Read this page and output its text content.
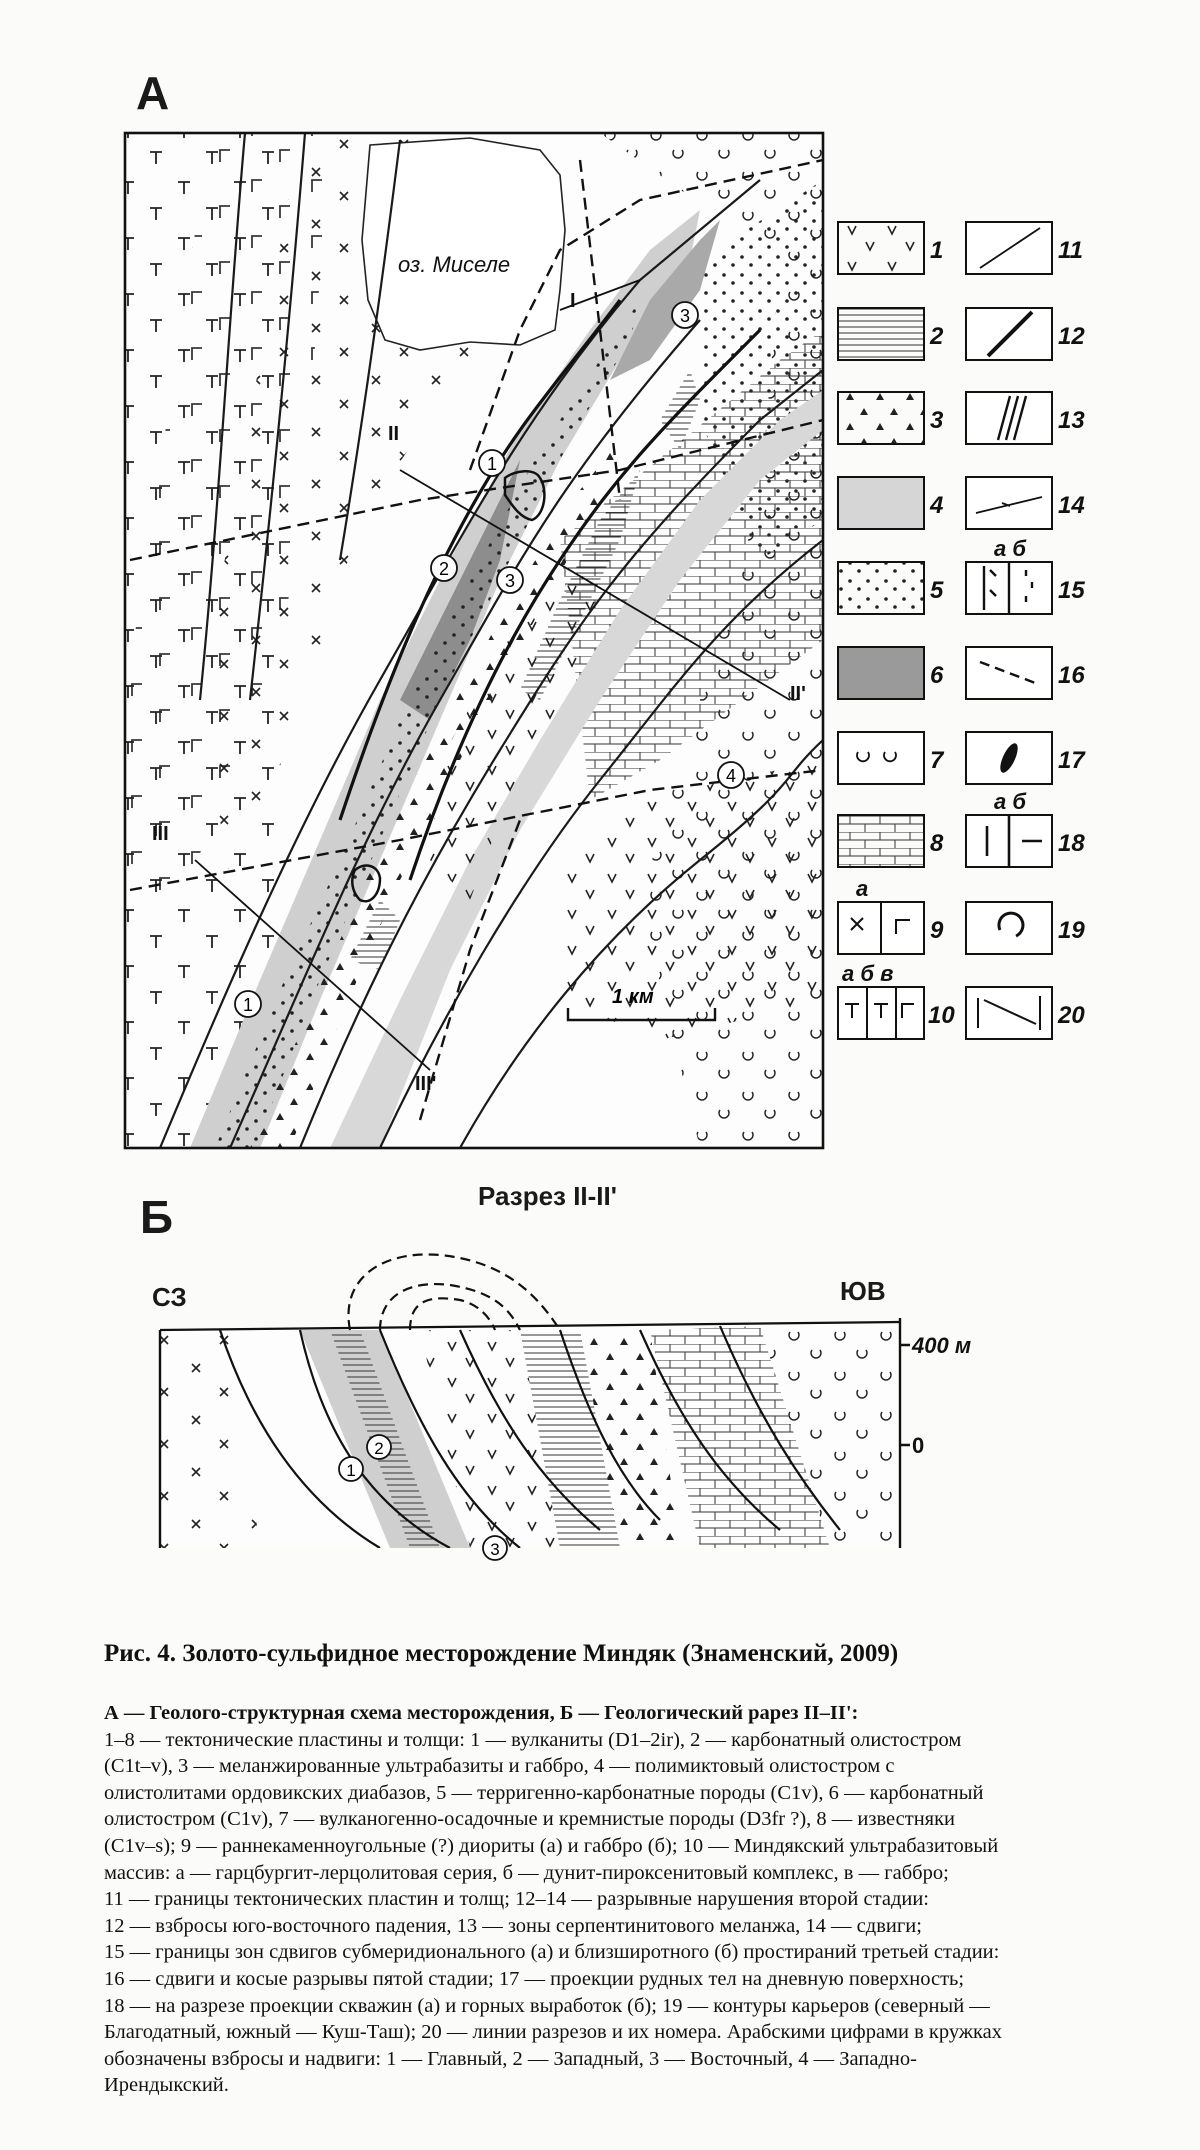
А
Б
оз. Миселе
I
II
II'
III
III'
1
2
3
3
4
1	1 км
1
2
3
4
5
6
7
8
9
10
11
12
13
14
15
16
17
18
19
20
а
а б в
а б
а б
Разрез II-II'
СЗ	ЮВ
400 м
0
1
2
3
Рис. 4. Золото-сульфидное месторождение Миндяк (Знаменский, 2009)
А — Геолого-структурная схема месторождения, Б — Геологический рарез II–II':
1–8 — тектонические пластины и толщи: 1 — вулканиты (D1–2ir), 2 — карбонатный олистостром
(C1t–v), 3 — меланжированные ультрабазиты и габбро, 4 — полимиктовый олистостром с
олистолитами ордовикских диабазов, 5 — терригенно-карбонатные породы (C1v), 6 — карбонатный
олистостром (C1v), 7 — вулканогенно-осадочные и кремнистые породы (D3fr ?), 8 — известняки
(C1v–s); 9 — раннекаменноугольные (?) диориты (а) и габбро (б); 10 — Миндякский ультрабазитовый
массив: а — гарцбургит-лерцолитовая серия, б — дунит-пироксенитовый комплекс, в — габбро;
11 — границы тектонических пластин и толщ; 12–14 — разрывные нарушения второй стадии:
12 — взбросы юго-восточного падения, 13 — зоны серпентинитового меланжа, 14 — сдвиги;
15 — границы зон сдвигов субмеридионального (а) и близширотного (б) простираний третьей стадии:
16 — сдвиги и косые разрывы пятой стадии; 17 — проекции рудных тел на дневную поверхность;
18 — на разрезе проекции скважин (а) и горных выработок (б); 19 — контуры карьеров (северный —
Благодатный, южный — Куш-Таш); 20 — линии разрезов и их номера. Арабскими цифрами в кружках
обозначены взбросы и надвиги: 1 — Главный, 2 — Западный, 3 — Восточный, 4 — Западно-
Ирендыкский.
